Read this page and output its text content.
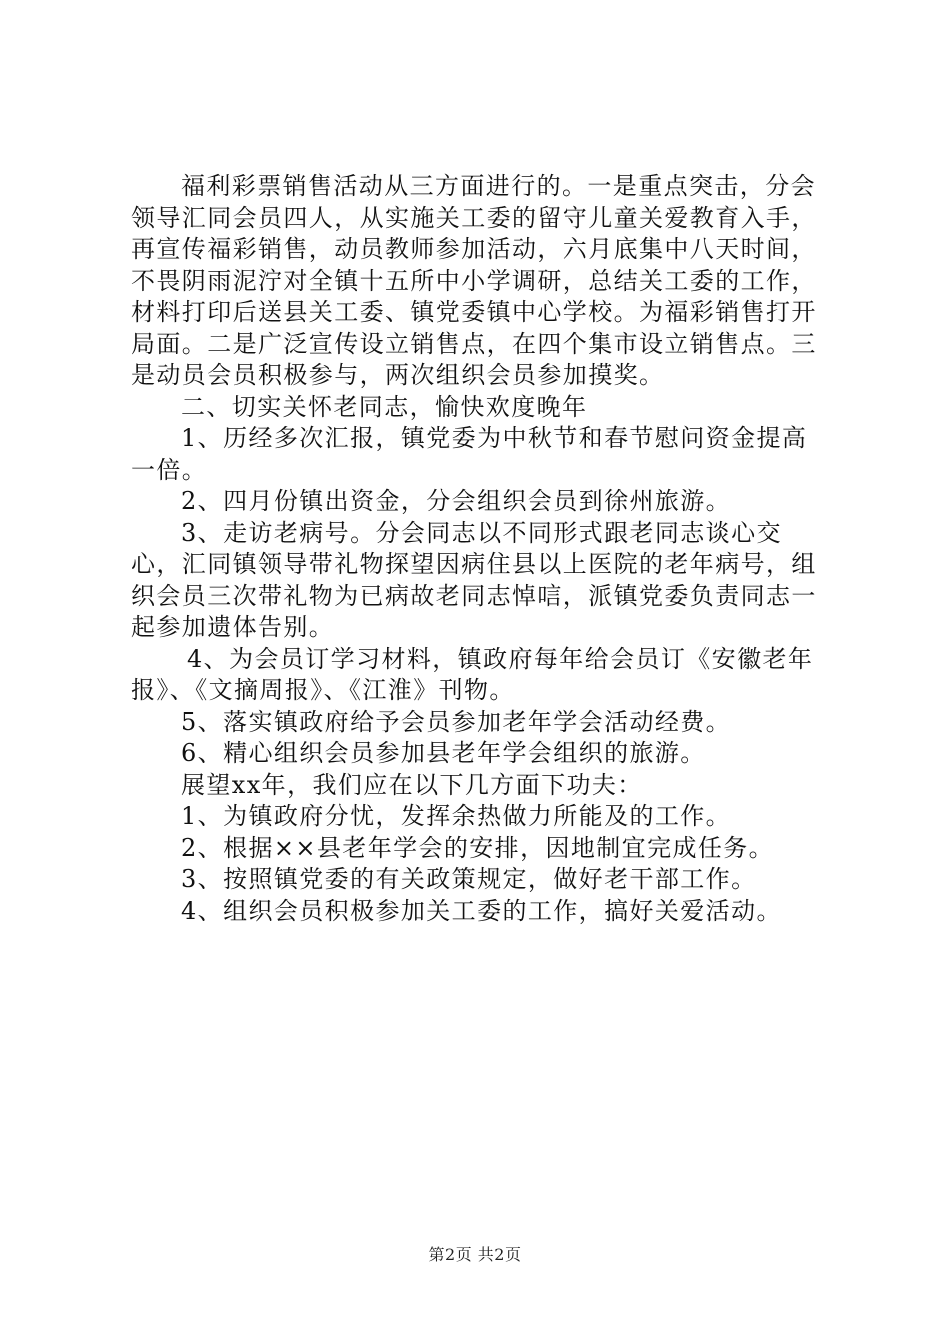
福利彩票销售活动从三方面进行的。一是重点突击，分会领导汇同会员四人，从实施关工委的留守儿童关爱教育入手，再宣传福彩销售，动员教师参加活动，六月底集中八天时间，不畏阴雨泥泞对全镇十五所中小学调研，总结关工委的工作，材料打印后送县关工委、镇党委镇中心学校。为福彩销售打开局面。二是广泛宣传设立销售点，在四个集市设立销售点。三是动员会员积极参与，两次组织会员参加摸奖。

二、切实关怀老同志，愉快欢度晚年

1、历经多次汇报，镇党委为中秋节和春节慰问资金提高一倍。

2、四月份镇出资金，分会组织会员到徐州旅游。

3、走访老病号。分会同志以不同形式跟老同志谈心交心，汇同镇领导带礼物探望因病住县以上医院的老年病号，组织会员三次带礼物为已病故老同志悼唁，派镇党委负责同志一起参加遗体告别。

4、为会员订学习材料，镇政府每年给会员订《安徽老年报》、《文摘周报》、《江淮》刊物。

5、落实镇政府给予会员参加老年学会活动经费。

6、精心组织会员参加县老年学会组织的旅游。

展望xx年，我们应在以下几方面下功夫：

1、为镇政府分忧，发挥余热做力所能及的工作。

2、根据××县老年学会的安排，因地制宜完成任务。

3、按照镇党委的有关政策规定，做好老干部工作。

4、组织会员积极参加关工委的工作，搞好关爱活动。

第2页 共2页
